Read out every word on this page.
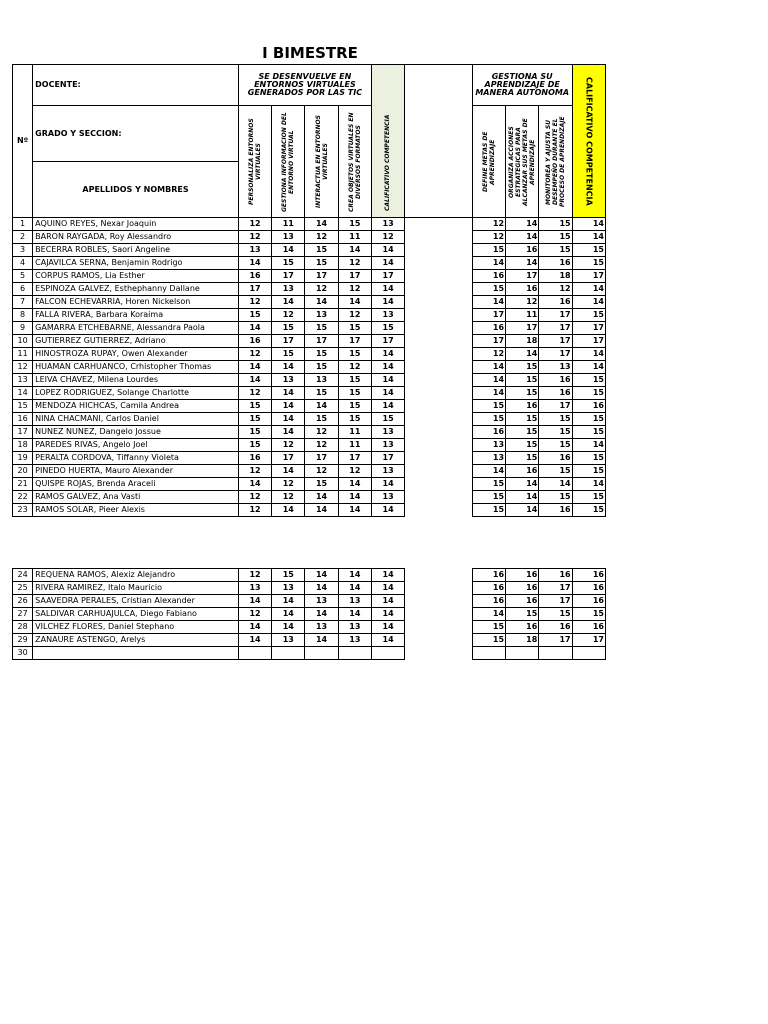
I BIMESTRE
Nº	DOCENTE:	SE DESENVUELVE EN ENTORNOS VIRTUALES GENERADOS POR LAS TIC				CALIFICATIVO COMPETENCIA		GESTIONA SU APRENDIZAJE DE MANERA AUTONOMA			CALIFICATIVO COMPETENCIA

	GRADO Y SECCION:	PERSONALIZA ENTORNOS VIRTUALES	GESTIONA INFORMACION DEL ENTORNO VIRTUAL	INTERACTUA EN ENTORNOS VIRTUALES	CREA OBJETOS VIRTUALES EN DIVERSOS FORMATOS			DEFINE METAS DE APRENDIZAJE	ORGANIZA ACCIONES ESTRATEGICAS PARA ALCANZAR SUS METAS DE APRENDIZAJE	MONITOREA Y AJUSTA SU DESEMPEÑO DURANTE EL PROCESO DE APRENDIZAJE	

	APELLIDOS Y NOMBRES										
1	AQUINO REYES, Nexar Joaquin	12	11	14	15	13		12	14	15	14
2	BARON RAYGADA, Roy Alessandro	12	13	12	11	12		12	14	15	14
3	BECERRA ROBLES, Saori Angeline	13	14	15	14	14		15	16	15	15
4	CAJAVILCA SERNA, Benjamin Rodrigo	14	15	15	12	14		14	14	16	15
5	CORPUS RAMOS, Lia Esther	16	17	17	17	17		16	17	18	17
6	ESPINOZA GALVEZ, Esthephanny Dallane	17	13	12	12	14		15	16	12	14
7	FALCON ECHEVARRIA, Horen Nickelson	12	14	14	14	14		14	12	16	14
8	FALLA RIVERA, Barbara Koraima	15	12	13	12	13		17	11	17	15
9	GAMARRA ETCHEBARNE, Alessandra Paola	14	15	15	15	15		16	17	17	17
10	GUTIERREZ GUTIERREZ, Adriano	16	17	17	17	17		17	18	17	17
11	HINOSTROZA RUPAY, Owen Alexander	12	15	15	15	14		12	14	17	14
12	HUAMAN CARHUANCO, Crhistopher Thomas	14	14	15	12	14		14	15	13	14
13	LEIVA CHAVEZ, Milena Lourdes	14	13	13	15	14		14	15	16	15
14	LOPEZ RODRIGUEZ, Solange Charlotte	12	14	15	15	14		14	15	16	15
15	MENDOZA HICHCAS, Camila Andrea	15	14	14	15	14		15	16	17	16
16	NINA CHACMANI, Carlos Daniel	15	14	15	15	15		15	15	15	15
17	NUNEZ NUNEZ, Dangelo Jossue	15	14	12	11	13		16	15	15	15
18	PAREDES RIVAS, Angelo Joel	15	12	12	11	13		13	15	15	14
19	PERALTA CORDOVA, Tiffanny Violeta	16	17	17	17	17		13	15	16	15
20	PINEDO HUERTA, Mauro Alexander	12	14	12	12	13		14	16	15	15
21	QUISPE ROJAS, Brenda Araceli	14	12	15	14	14		15	14	14	14
22	RAMOS GALVEZ, Ana Vasti	12	12	14	14	13		15	14	15	15
23	RAMOS SOLAR, Pieer Alexis	12	14	14	14	14		15	14	16	15
24	REQUENA RAMOS, Alexiz Alejandro	12	15	14	14	14		16	16	16	16
25	RIVERA RAMIREZ, Italo Mauricio	13	13	14	14	14		16	16	17	16
26	SAAVEDRA PERALES, Cristian Alexander	14	14	13	13	14		16	16	17	16
27	SALDIVAR CARHUAJULCA, Diego Fabiano	12	14	14	14	14		14	15	15	15
28	VILCHEZ FLORES, Daniel Stephano	14	14	13	13	14		15	16	16	16
29	ZANAURE ASTENGO, Arelys	14	13	14	13	14		15	18	17	17
30											
